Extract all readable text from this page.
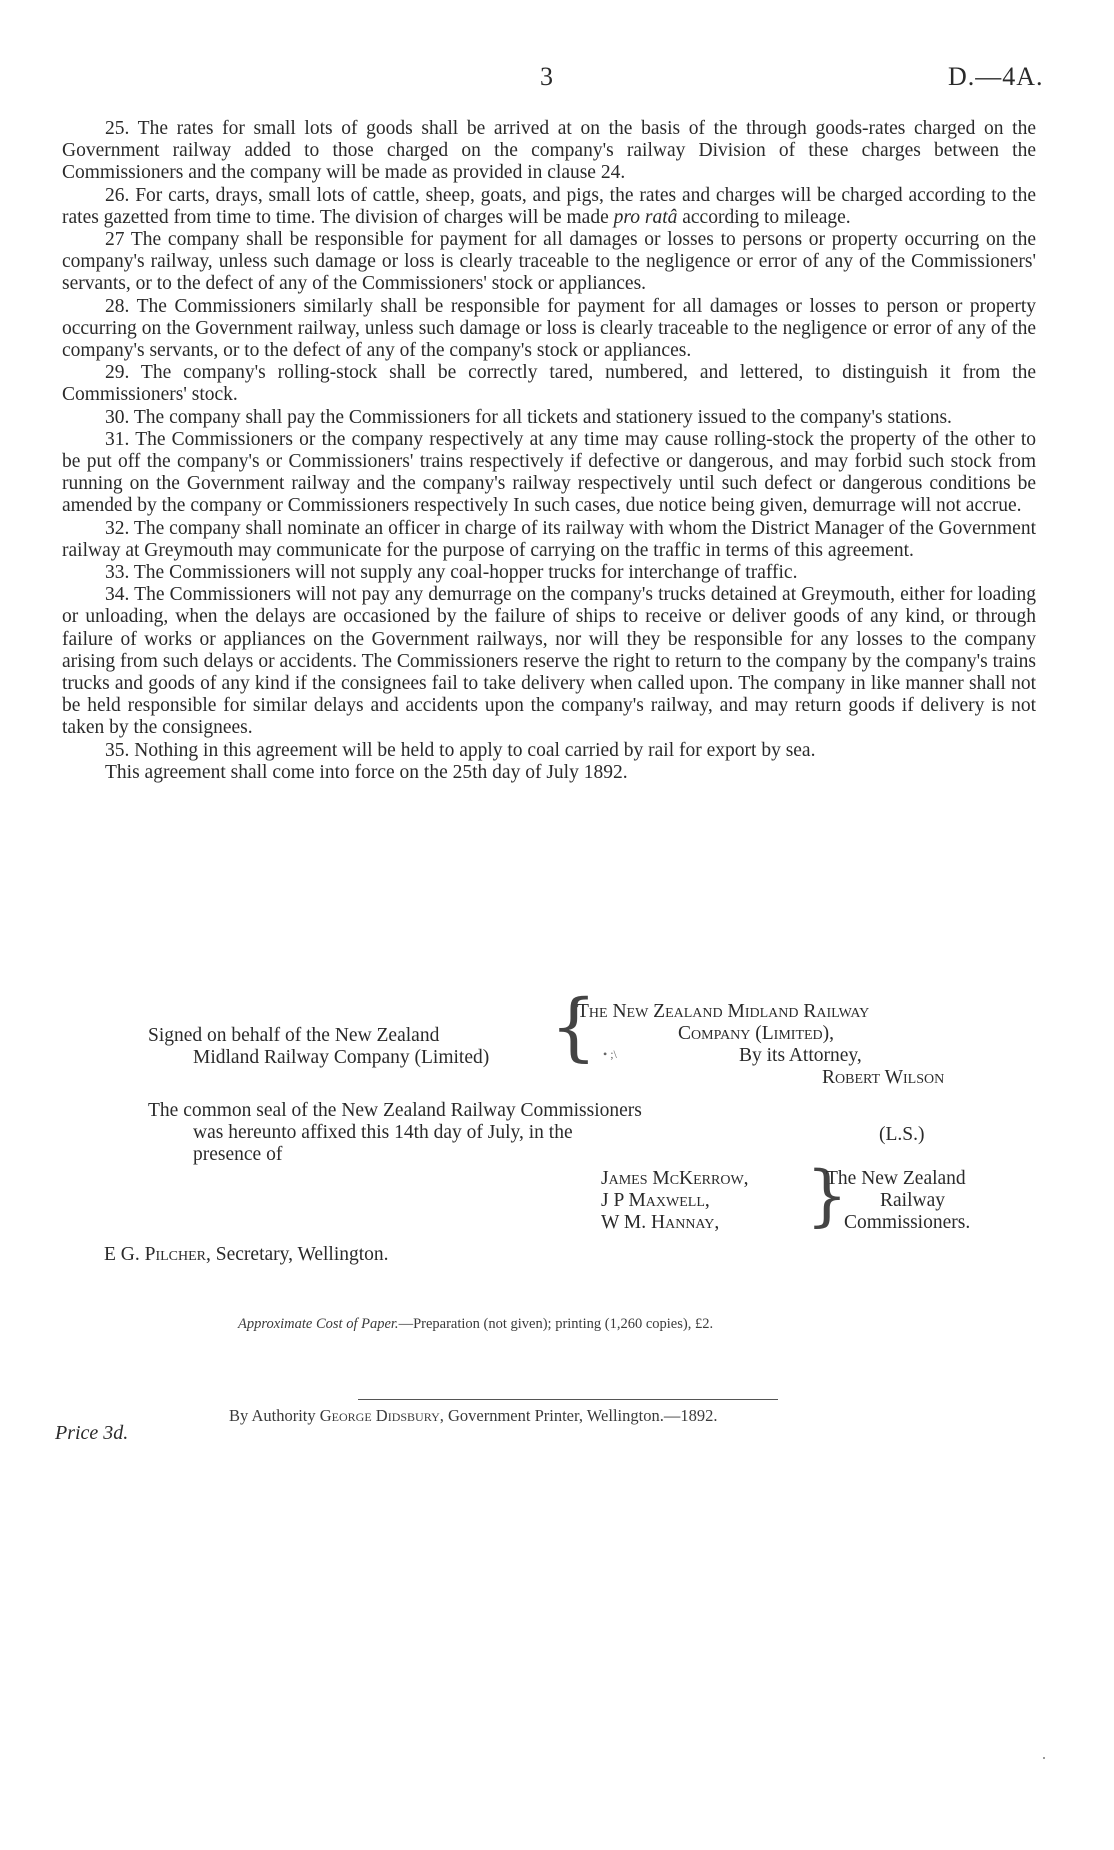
3	D.—4A.

25. The rates for small lots of goods shall be arrived at on the basis of the through goods-rates charged on the Government railway added to those charged on the company's railway Division of these charges between the Commissioners and the company will be made as provided in clause 24.

26. For carts, drays, small lots of cattle, sheep, goats, and pigs, the rates and charges will be charged according to the rates gazetted from time to time. The division of charges will be made pro ratâ according to mileage.

27 The company shall be responsible for payment for all damages or losses to persons or property occurring on the company's railway, unless such damage or loss is clearly traceable to the negligence or error of any of the Commissioners' servants, or to the defect of any of the Commissioners' stock or appliances.

28. The Commissioners similarly shall be responsible for payment for all damages or losses to person or property occurring on the Government railway, unless such damage or loss is clearly traceable to the negligence or error of any of the company's servants, or to the defect of any of the company's stock or appliances.

29. The company's rolling-stock shall be correctly tared, numbered, and lettered, to distinguish it from the Commissioners' stock.

30. The company shall pay the Commissioners for all tickets and stationery issued to the company's stations.

31. The Commissioners or the company respectively at any time may cause rolling-stock the property of the other to be put off the company's or Commissioners' trains respectively if defective or dangerous, and may forbid such stock from running on the Government railway and the company's railway respectively until such defect or dangerous conditions be amended by the company or Commissioners respectively In such cases, due notice being given, demurrage will not accrue.

32. The company shall nominate an officer in charge of its railway with whom the District Manager of the Government railway at Greymouth may communicate for the purpose of carrying on the traffic in terms of this agreement.

33. The Commissioners will not supply any coal-hopper trucks for interchange of traffic.

34. The Commissioners will not pay any demurrage on the company's trucks detained at Greymouth, either for loading or unloading, when the delays are occasioned by the failure of ships to receive or deliver goods of any kind, or through failure of works or appliances on the Government railways, nor will they be responsible for any losses to the company arising from such delays or accidents. The Commissioners reserve the right to return to the company by the company's trains trucks and goods of any kind if the consignees fail to take delivery when called upon. The company in like manner shall not be held responsible for similar delays and accidents upon the company's railway, and may return goods if delivery is not taken by the consignees.

35. Nothing in this agreement will be held to apply to coal carried by rail for export by sea.

This agreement shall come into force on the 25th day of July 1892.

Signed on behalf of the New Zealand
Midland Railway Company (Limited) {
The New Zealand Midland Railway
Company (Limited),
• ;\	By its Attorney,
Robert Wilson
The common seal of the New Zealand Railway Commissioners
was hereunto affixed this 14th day of July, in the
presence of
(L.S.)
James McKerrow,
J P Maxwell,
W M. Hannay, }
The New Zealand
Railway
Commissioners.
E G. Pilcher, Secretary, Wellington.
Approximate Cost of Paper.—Preparation (not given); printing (1,260 copies), £2.
By Authority George Didsbury, Government Printer, Wellington.—1892.
Price 3d.
